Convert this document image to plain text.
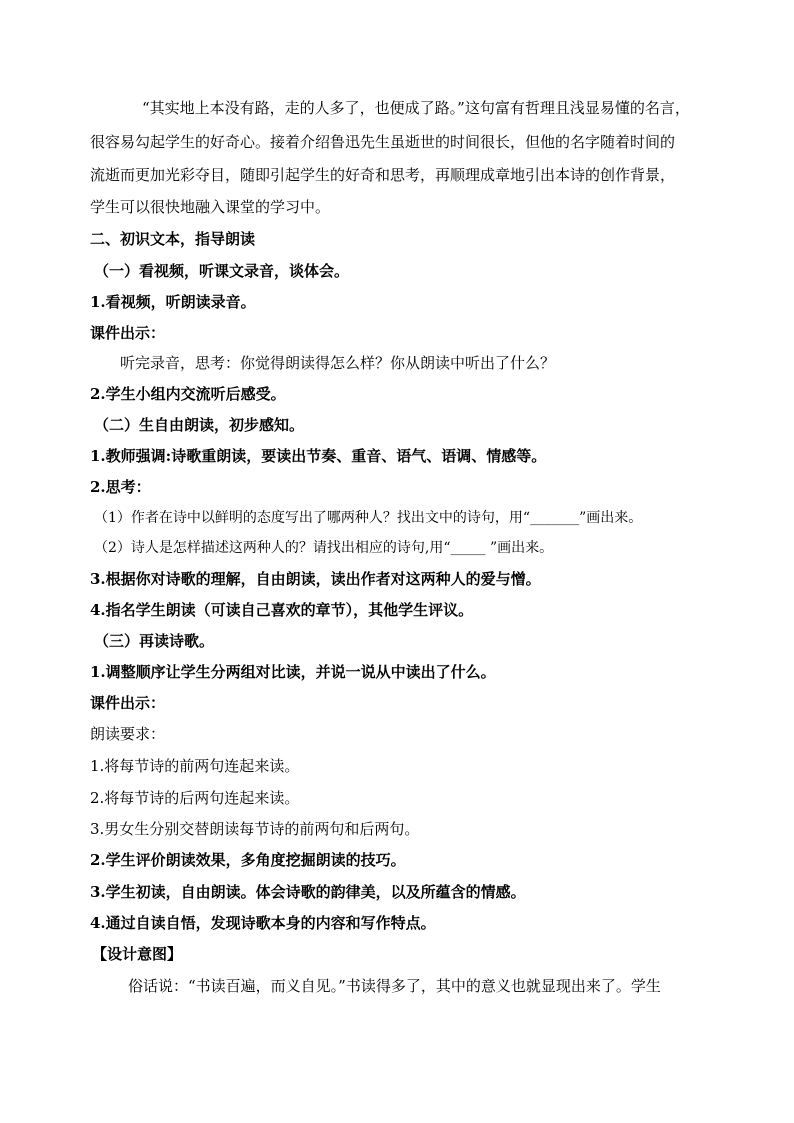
“其实地上本没有路，走的人多了，也便成了路。”这句富有哲理且浅显易懂的名言，
很容易勾起学生的好奇心。接着介绍鲁迅先生虽逝世的时间很长，但他的名字随着时间的
流逝而更加光彩夺目，随即引起学生的好奇和思考，再顺理成章地引出本诗的创作背景，
学生可以很快地融入课堂的学习中。
二、初识文本，指导朗读
（一）看视频，听课文录音，谈体会。
1.看视频，听朗读录音。
课件出示：
听完录音，思考：你觉得朗读得怎么样？你从朗读中听出了什么？
2.学生小组内交流听后感受。
（二）生自由朗读，初步感知。
1.教师强调:诗歌重朗读，要读出节奏、重音、语气、语调、情感等。
2.思考：
（1）作者在诗中以鲜明的态度写出了哪两种人？找出文中的诗句，用“_______”画出来。
（2）诗人是怎样描述这两种人的？请找出相应的诗句,用“_____ ”画出来。
3.根据你对诗歌的理解，自由朗读，读出作者对这两种人的爱与憎。
4.指名学生朗读（可读自己喜欢的章节），其他学生评议。
（三）再读诗歌。
1.调整顺序让学生分两组对比读，并说一说从中读出了什么。
课件出示：
朗读要求：
1.将每节诗的前两句连起来读。
2.将每节诗的后两句连起来读。
3.男女生分别交替朗读每节诗的前两句和后两句。
2.学生评价朗读效果，多角度挖掘朗读的技巧。
3.学生初读，自由朗读。体会诗歌的韵律美，以及所蕴含的情感。
4.通过自读自悟，发现诗歌本身的内容和写作特点。
【设计意图】
俗话说：“书读百遍，而义自见。”书读得多了，其中的意义也就显现出来了。学生
